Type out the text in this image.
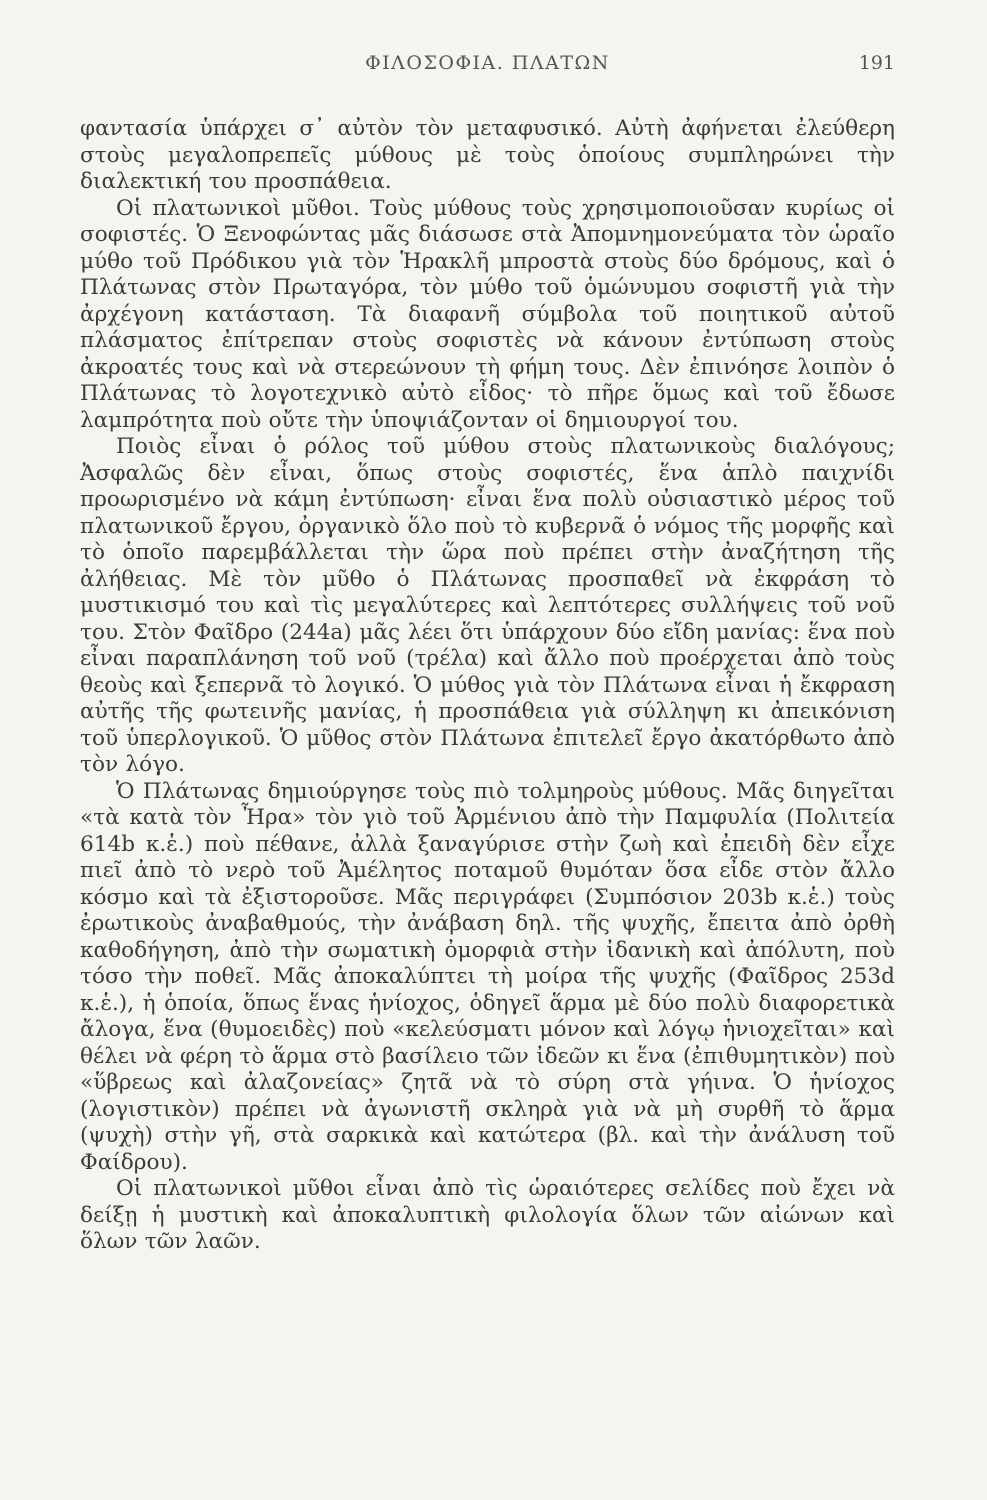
ΦΙΛΟΣΟΦΙΑ. ΠΛΑΤΩΝ	191

φαντασία ὑπάρχει σ᾽ αὐτὸν τὸν μεταφυσικό. Αὐτὴ ἀφήνεται ἐλεύθερη στοὺς μεγαλοπρεπεῖς μύθους μὲ τοὺς ὁποίους συμπληρώνει τὴν διαλεκτική του προσπάθεια.

Οἱ πλατωνικοὶ μῦθοι. Τοὺς μύθους τοὺς χρησιμοποιοῦσαν κυρίως οἱ σοφιστές. Ὁ Ξενοφώντας μᾶς διάσωσε στὰ Ἀπομνημονεύματα τὸν ὡραῖο μύθο τοῦ Πρόδικου γιὰ τὸν Ἡρακλῆ μπροστὰ στοὺς δύο δρόμους, καὶ ὁ Πλάτωνας στὸν Πρωταγόρα, τὸν μύθο τοῦ ὁμώνυμου σοφιστῆ γιὰ τὴν ἀρχέγονη κατάσταση. Τὰ διαφανῆ σύμβολα τοῦ ποιητικοῦ αὐτοῦ πλάσματος ἐπίτρεπαν στοὺς σοφιστὲς νὰ κάνουν ἐντύπωση στοὺς ἀκροατές τους καὶ νὰ στερεώνουν τὴ φήμη τους. Δὲν ἐπινόησε λοιπὸν ὁ Πλάτωνας τὸ λογοτεχνικὸ αὐτὸ εἶδος· τὸ πῆρε ὅμως καὶ τοῦ ἔδωσε λαμπρότητα ποὺ οὔτε τὴν ὑποψιάζονταν οἱ δημιουργοί του.

Ποιὸς εἶναι ὁ ρόλος τοῦ μύθου στοὺς πλατωνικοὺς διαλόγους; Ἀσφαλῶς δὲν εἶναι, ὅπως στοὺς σοφιστές, ἕνα ἁπλὸ παιχνίδι προωρισμένο νὰ κάμη ἐντύπωση· εἶναι ἕνα πολὺ οὐσιαστικὸ μέρος τοῦ πλατωνικοῦ ἔργου, ὀργανικὸ ὅλο ποὺ τὸ κυβερνᾶ ὁ νόμος τῆς μορφῆς καὶ τὸ ὁποῖο παρεμβάλλεται τὴν ὥρα ποὺ πρέπει στὴν ἀναζήτηση τῆς ἀλήθειας. Μὲ τὸν μῦθο ὁ Πλάτωνας προσπαθεῖ νὰ ἐκφράση τὸ μυστικισμό του καὶ τὶς μεγαλύτερες καὶ λεπτότερες συλλήψεις τοῦ νοῦ του. Στὸν Φαῖδρο (244a) μᾶς λέει ὅτι ὑπάρχουν δύο εἴδη μανίας: ἕνα ποὺ εἶναι παραπλάνηση τοῦ νοῦ (τρέλα) καὶ ἄλλο ποὺ προέρχεται ἀπὸ τοὺς θεοὺς καὶ ξεπερνᾶ τὸ λογικό. Ὁ μύθος γιὰ τὸν Πλάτωνα εἶναι ἡ ἔκφραση αὐτῆς τῆς φωτεινῆς μανίας, ἡ προσπάθεια γιὰ σύλληψη κι ἀπεικόνιση τοῦ ὑπερλογικοῦ. Ὁ μῦθος στὸν Πλάτωνα ἐπιτελεῖ ἔργο ἀκατόρθωτο ἀπὸ τὸν λόγο.

Ὁ Πλάτωνας δημιούργησε τοὺς πιὸ τολμηροὺς μύθους. Μᾶς διηγεῖται «τὰ κατὰ τὸν Ἦρα» τὸν γιὸ τοῦ Ἀρμένιου ἀπὸ τὴν Παμφυλία (Πολιτεία 614b κ.ἑ.) ποὺ πέθανε, ἀλλὰ ξαναγύρισε στὴν ζωὴ καὶ ἐπειδὴ δὲν εἶχε πιεῖ ἀπὸ τὸ νερὸ τοῦ Ἀμέλητος ποταμοῦ θυμόταν ὅσα εἶδε στὸν ἄλλο κόσμο καὶ τὰ ἐξιστοροῦσε. Μᾶς περιγράφει (Συμπόσιον 203b κ.ἑ.) τοὺς ἐρωτικοὺς ἀναβαθμούς, τὴν ἀνάβαση δηλ. τῆς ψυχῆς, ἔπειτα ἀπὸ ὀρθὴ καθοδήγηση, ἀπὸ τὴν σωματικὴ ὀμορφιὰ στὴν ἰδανικὴ καὶ ἀπόλυτη, ποὺ τόσο τὴν ποθεῖ. Μᾶς ἀποκαλύπτει τὴ μοίρα τῆς ψυχῆς (Φαῖδρος 253d κ.ἑ.), ἡ ὁποία, ὅπως ἕνας ἡνίοχος, ὁδηγεῖ ἅρμα μὲ δύο πολὺ διαφορετικὰ ἄλογα, ἕνα (θυμοειδὲς) ποὺ «κελεύσματι μόνον καὶ λόγῳ ἡνιοχεῖται» καὶ θέλει νὰ φέρη τὸ ἅρμα στὸ βασίλειο τῶν ἰδεῶν κι ἕνα (ἐπιθυμητικὸν) ποὺ «ὕβρεως καὶ ἀλαζονείας» ζητᾶ νὰ τὸ σύρη στὰ γήινα. Ὁ ἡνίοχος (λογιστικὸν) πρέπει νὰ ἀγωνιστῆ σκληρὰ γιὰ νὰ μὴ συρθῆ τὸ ἅρμα (ψυχὴ) στὴν γῆ, στὰ σαρκικὰ καὶ κατώτερα (βλ. καὶ τὴν ἀνάλυση τοῦ Φαίδρου).

Οἱ πλατωνικοὶ μῦθοι εἶναι ἀπὸ τὶς ὡραιότερες σελίδες ποὺ ἔχει νὰ δείξῃ ἡ μυστικὴ καὶ ἀποκαλυπτικὴ φιλολογία ὅλων τῶν αἰώνων καὶ ὅλων τῶν λαῶν.
